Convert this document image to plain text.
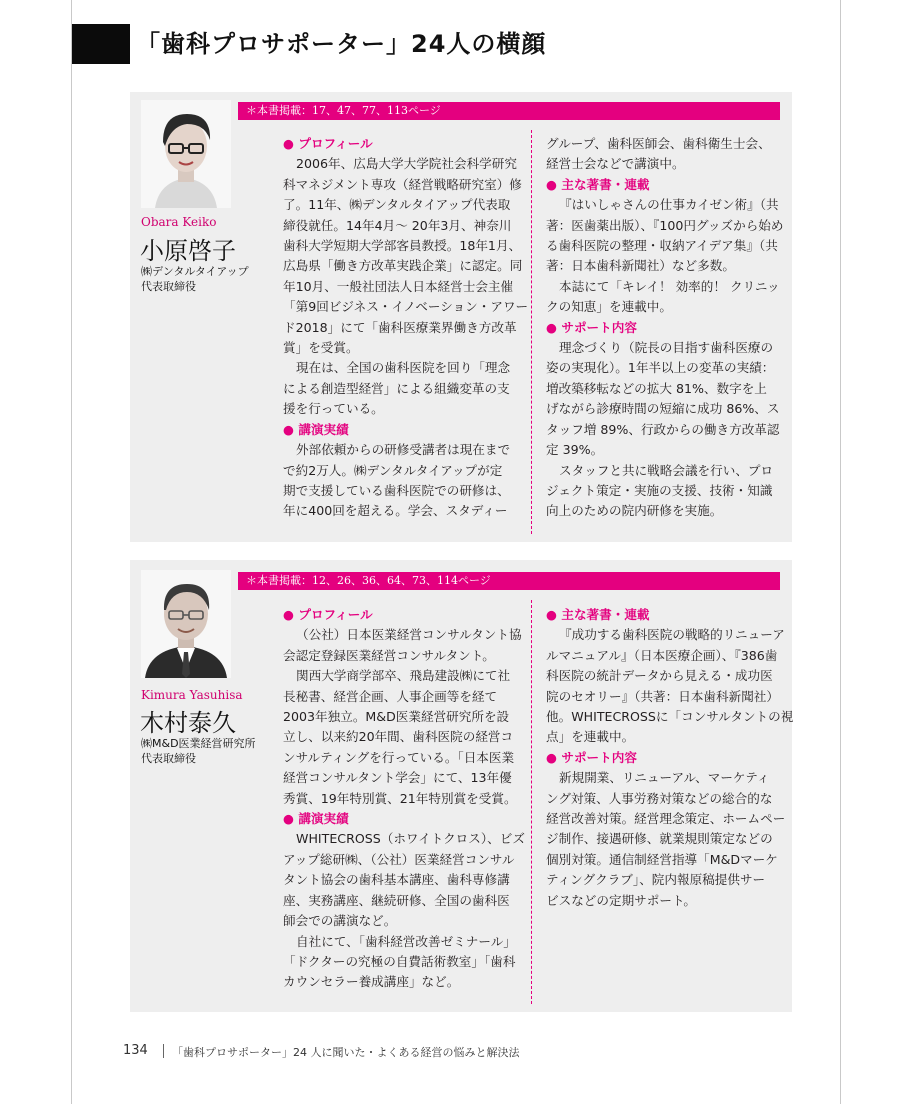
「歯科プロサポーター」24人の横顔
＊本書掲載：17、47、77、113ページ
Obara Keiko
小原啓子
㈱デンタルタイアップ
代表取締役
● プロフィール
2006年、広島大学大学院社会科学研究
科マネジメント専攻（経営戦略研究室）修
了。11年、㈱デンタルタイアップ代表取
締役就任。14年4月～ 20年3月、神奈川
歯科大学短期大学部客員教授。18年1月、
広島県「働き方改革実践企業」に認定。同
年10月、一般社団法人日本経営士会主催
「第9回ビジネス・イノベーション・アワー
ド2018」にて「歯科医療業界働き方改革
賞」を受賞。
現在は、全国の歯科医院を回り「理念
による創造型経営」による組織変革の支
援を行っている。
● 講演実績
外部依頼からの研修受講者は現在まで
で約2万人。㈱デンタルタイアップが定
期で支援している歯科医院での研修は、
年に400回を超える。学会、スタディー
グループ、歯科医師会、歯科衛生士会、
経営士会などで講演中。
● 主な著書・連載
『はいしゃさんの仕事カイゼン術』（共
著：医歯薬出版）、『100円グッズから始め
る歯科医院の整理・収納アイデア集』（共
著：日本歯科新聞社）など多数。
本誌にて「キレイ！ 効率的！ クリニッ
クの知恵」を連載中。
● サポート内容
理念づくり（院長の目指す歯科医療の
姿の実現化）。1年半以上の変革の実績：
増改築移転などの拡大 81%、数字を上
げながら診療時間の短縮に成功 86%、ス
タッフ増 89%、行政からの働き方改革認
定 39%。
スタッフと共に戦略会議を行い、プロ
ジェクト策定・実施の支援、技術・知識
向上のための院内研修を実施。
＊本書掲載：12、26、36、64、73、114ページ
Kimura Yasuhisa
木村泰久
㈱M&D医業経営研究所
代表取締役
● プロフィール
（公社）日本医業経営コンサルタント協
会認定登録医業経営コンサルタント。
関西大学商学部卒、飛島建設㈱にて社
長秘書、経営企画、人事企画等を経て
2003年独立。M&D医業経営研究所を設
立し、以来約20年間、歯科医院の経営コ
ンサルティングを行っている。「日本医業
経営コンサルタント学会」にて、13年優
秀賞、19年特別賞、21年特別賞を受賞。
● 講演実績
WHITECROSS（ホワイトクロス）、ビズ
アップ総研㈱、（公社）医業経営コンサル
タント協会の歯科基本講座、歯科専修講
座、実務講座、継続研修、全国の歯科医
師会での講演など。
自社にて、「歯科経営改善ゼミナール」
「ドクターの究極の自費話術教室」「歯科
カウンセラー養成講座」など。
● 主な著書・連載
『成功する歯科医院の戦略的リニューア
ルマニュアル』（日本医療企画）、『386歯
科医院の統計データから見える・成功医
院のセオリー』（共著：日本歯科新聞社）
他。WHITECROSSに「コンサルタントの視
点」を連載中。
● サポート内容
新規開業、リニューアル、マーケティ
ング対策、人事労務対策などの総合的な
経営改善対策。経営理念策定、ホームペー
ジ制作、接遇研修、就業規則策定などの
個別対策。通信制経営指導「M&Dマーケ
ティングクラブ」、院内報原稿提供サー
ビスなどの定期サポート。
134 「歯科プロサポーター」24 人に聞いた・よくある経営の悩みと解決法
